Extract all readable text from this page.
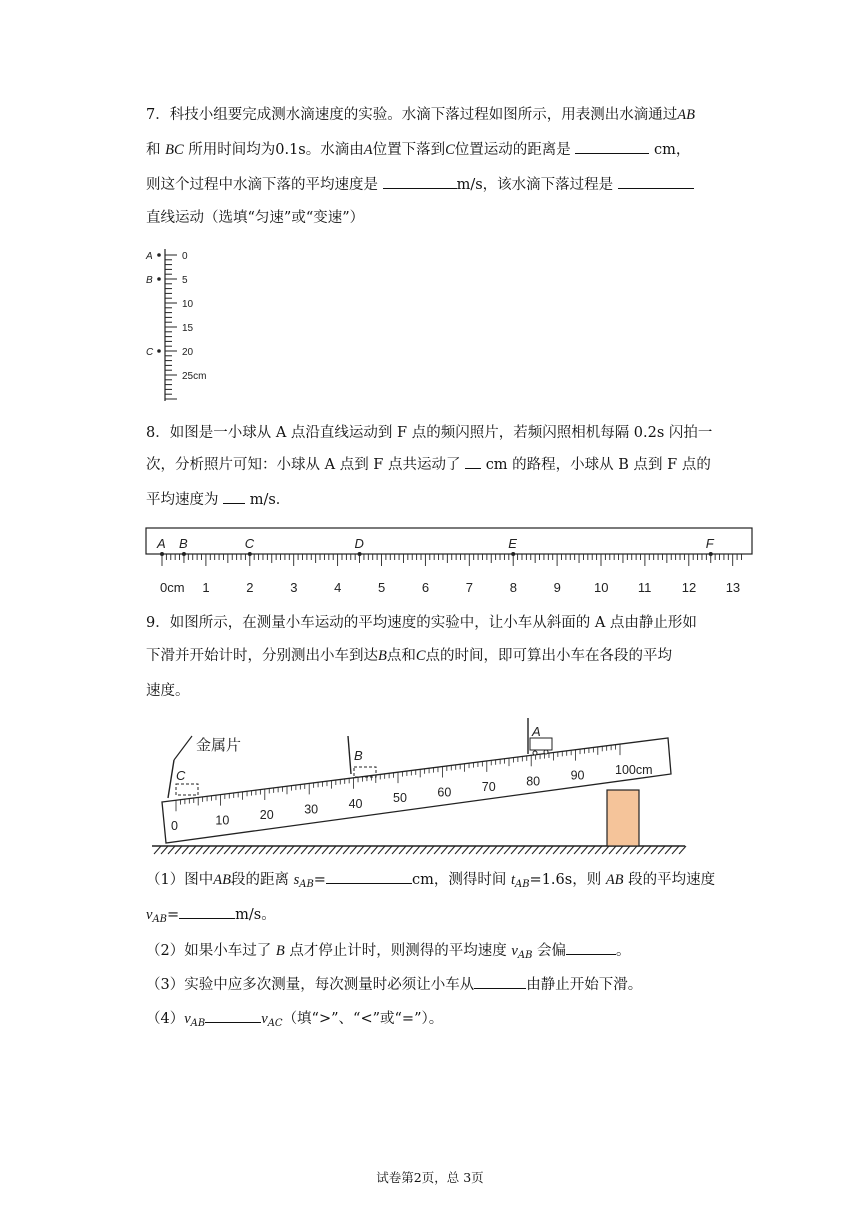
7．科技小组要完成测水滴速度的实验。水滴下落过程如图所示，用表测出水滴通过AB
和 BC 所用时间均为0.1s。水滴由A位置下落到C位置运动的距离是	cm，
则这个过程中水滴下落的平均速度是	m/s，该水滴下落过程是
直线运动（选填“匀速”或“变速”）
0
5
10
15
20
25cm
A
B
C
8．如图是一小球从 A 点沿直线运动到 F 点的频闪照片，若频闪照相机每隔 0.2s 闪拍一
次，分析照片可知：小球从 A 点到 F 点共运动了 cm 的路程，小球从 B 点到 F 点的
平均速度为 m/s．
0cm 1	2	3	4	5	6	7	8	9	10 11 12 13
A B	C	D	E	F
9．如图所示，在测量小车运动的平均速度的实验中，让小车从斜面的 A 点由静止形如
下滑并开始计时，分别测出小车到达B点和C点的时间，即可算出小车在各段的平均
速度。
0	10 20 30 40 50 60 70 80 90 100cm
金属片
A
B
C
（1）图中AB段的距离 $s_{AB}=$	cm，测得时间 $t_{AB}=1.6s$，则 AB 段的平均速度
$v_{AB}=$	m/s。
（2）如果小车过了 B 点才停止计时，则测得的平均速度 $v_{AB}$ 会偏	。
（3）实验中应多次测量，每次测量时必须让小车从	由静止开始下滑。
$(4)v_{AB}$	$v_{AC}$（填“>”、“<”或“=”）。
试卷第2页，总 3页
